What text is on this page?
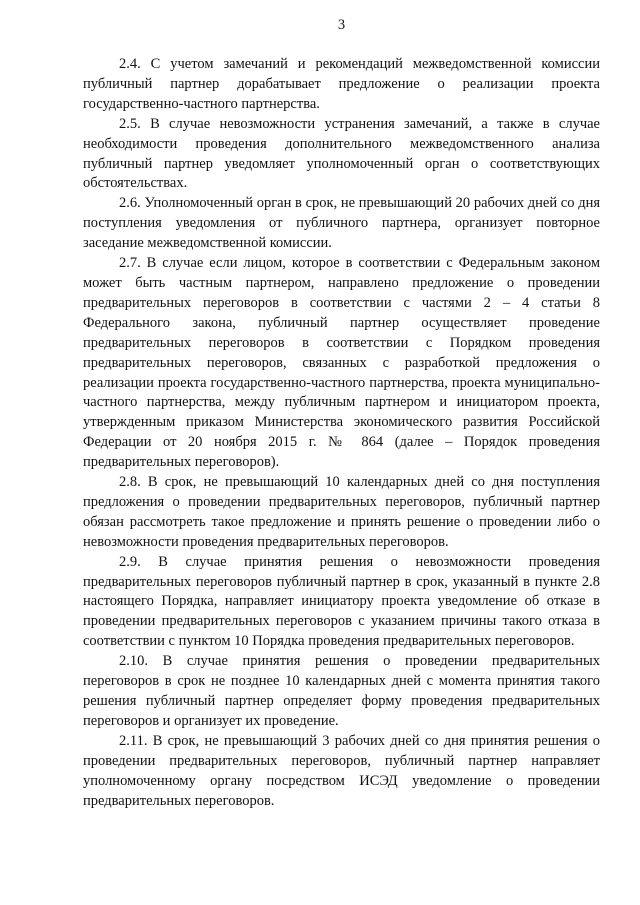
3

2.4. С учетом замечаний и рекомендаций межведомственной комиссии публичный партнер дорабатывает предложение о реализации проекта государственно-частного партнерства.

2.5. В случае невозможности устранения замечаний, а также в случае необходимости проведения дополнительного межведомственного анализа публичный партнер уведомляет уполномоченный орган о соответствующих обстоятельствах.

2.6. Уполномоченный орган в срок, не превышающий 20 рабочих дней со дня поступления уведомления от публичного партнера, организует повторное заседание межведомственной комиссии.

2.7. В случае если лицом, которое в соответствии с Федеральным законом может быть частным партнером, направлено предложение о проведении предварительных переговоров в соответствии с частями 2 – 4 статьи 8 Федерального закона, публичный партнер осуществляет проведение предварительных переговоров в соответствии с Порядком проведения предварительных переговоров, связанных с разработкой предложения о реализации проекта государственно-частного партнерства, проекта муниципально-частного партнерства, между публичным партнером и инициатором проекта, утвержденным приказом Министерства экономического развития Российской Федерации от 20 ноября 2015 г. № 864 (далее – Порядок проведения предварительных переговоров).

2.8. В срок, не превышающий 10 календарных дней со дня поступления предложения о проведении предварительных переговоров, публичный партнер обязан рассмотреть такое предложение и принять решение о проведении либо о невозможности проведения предварительных переговоров.

2.9. В случае принятия решения о невозможности проведения предварительных переговоров публичный партнер в срок, указанный в пункте 2.8 настоящего Порядка, направляет инициатору проекта уведомление об отказе в проведении предварительных переговоров с указанием причины такого отказа в соответствии с пунктом 10 Порядка проведения предварительных переговоров.

2.10. В случае принятия решения о проведении предварительных переговоров в срок не позднее 10 календарных дней с момента принятия такого решения публичный партнер определяет форму проведения предварительных переговоров и организует их проведение.

2.11. В срок, не превышающий 3 рабочих дней со дня принятия решения о проведении предварительных переговоров, публичный партнер направляет уполномоченному органу посредством ИСЭД уведомление о проведении предварительных переговоров.
